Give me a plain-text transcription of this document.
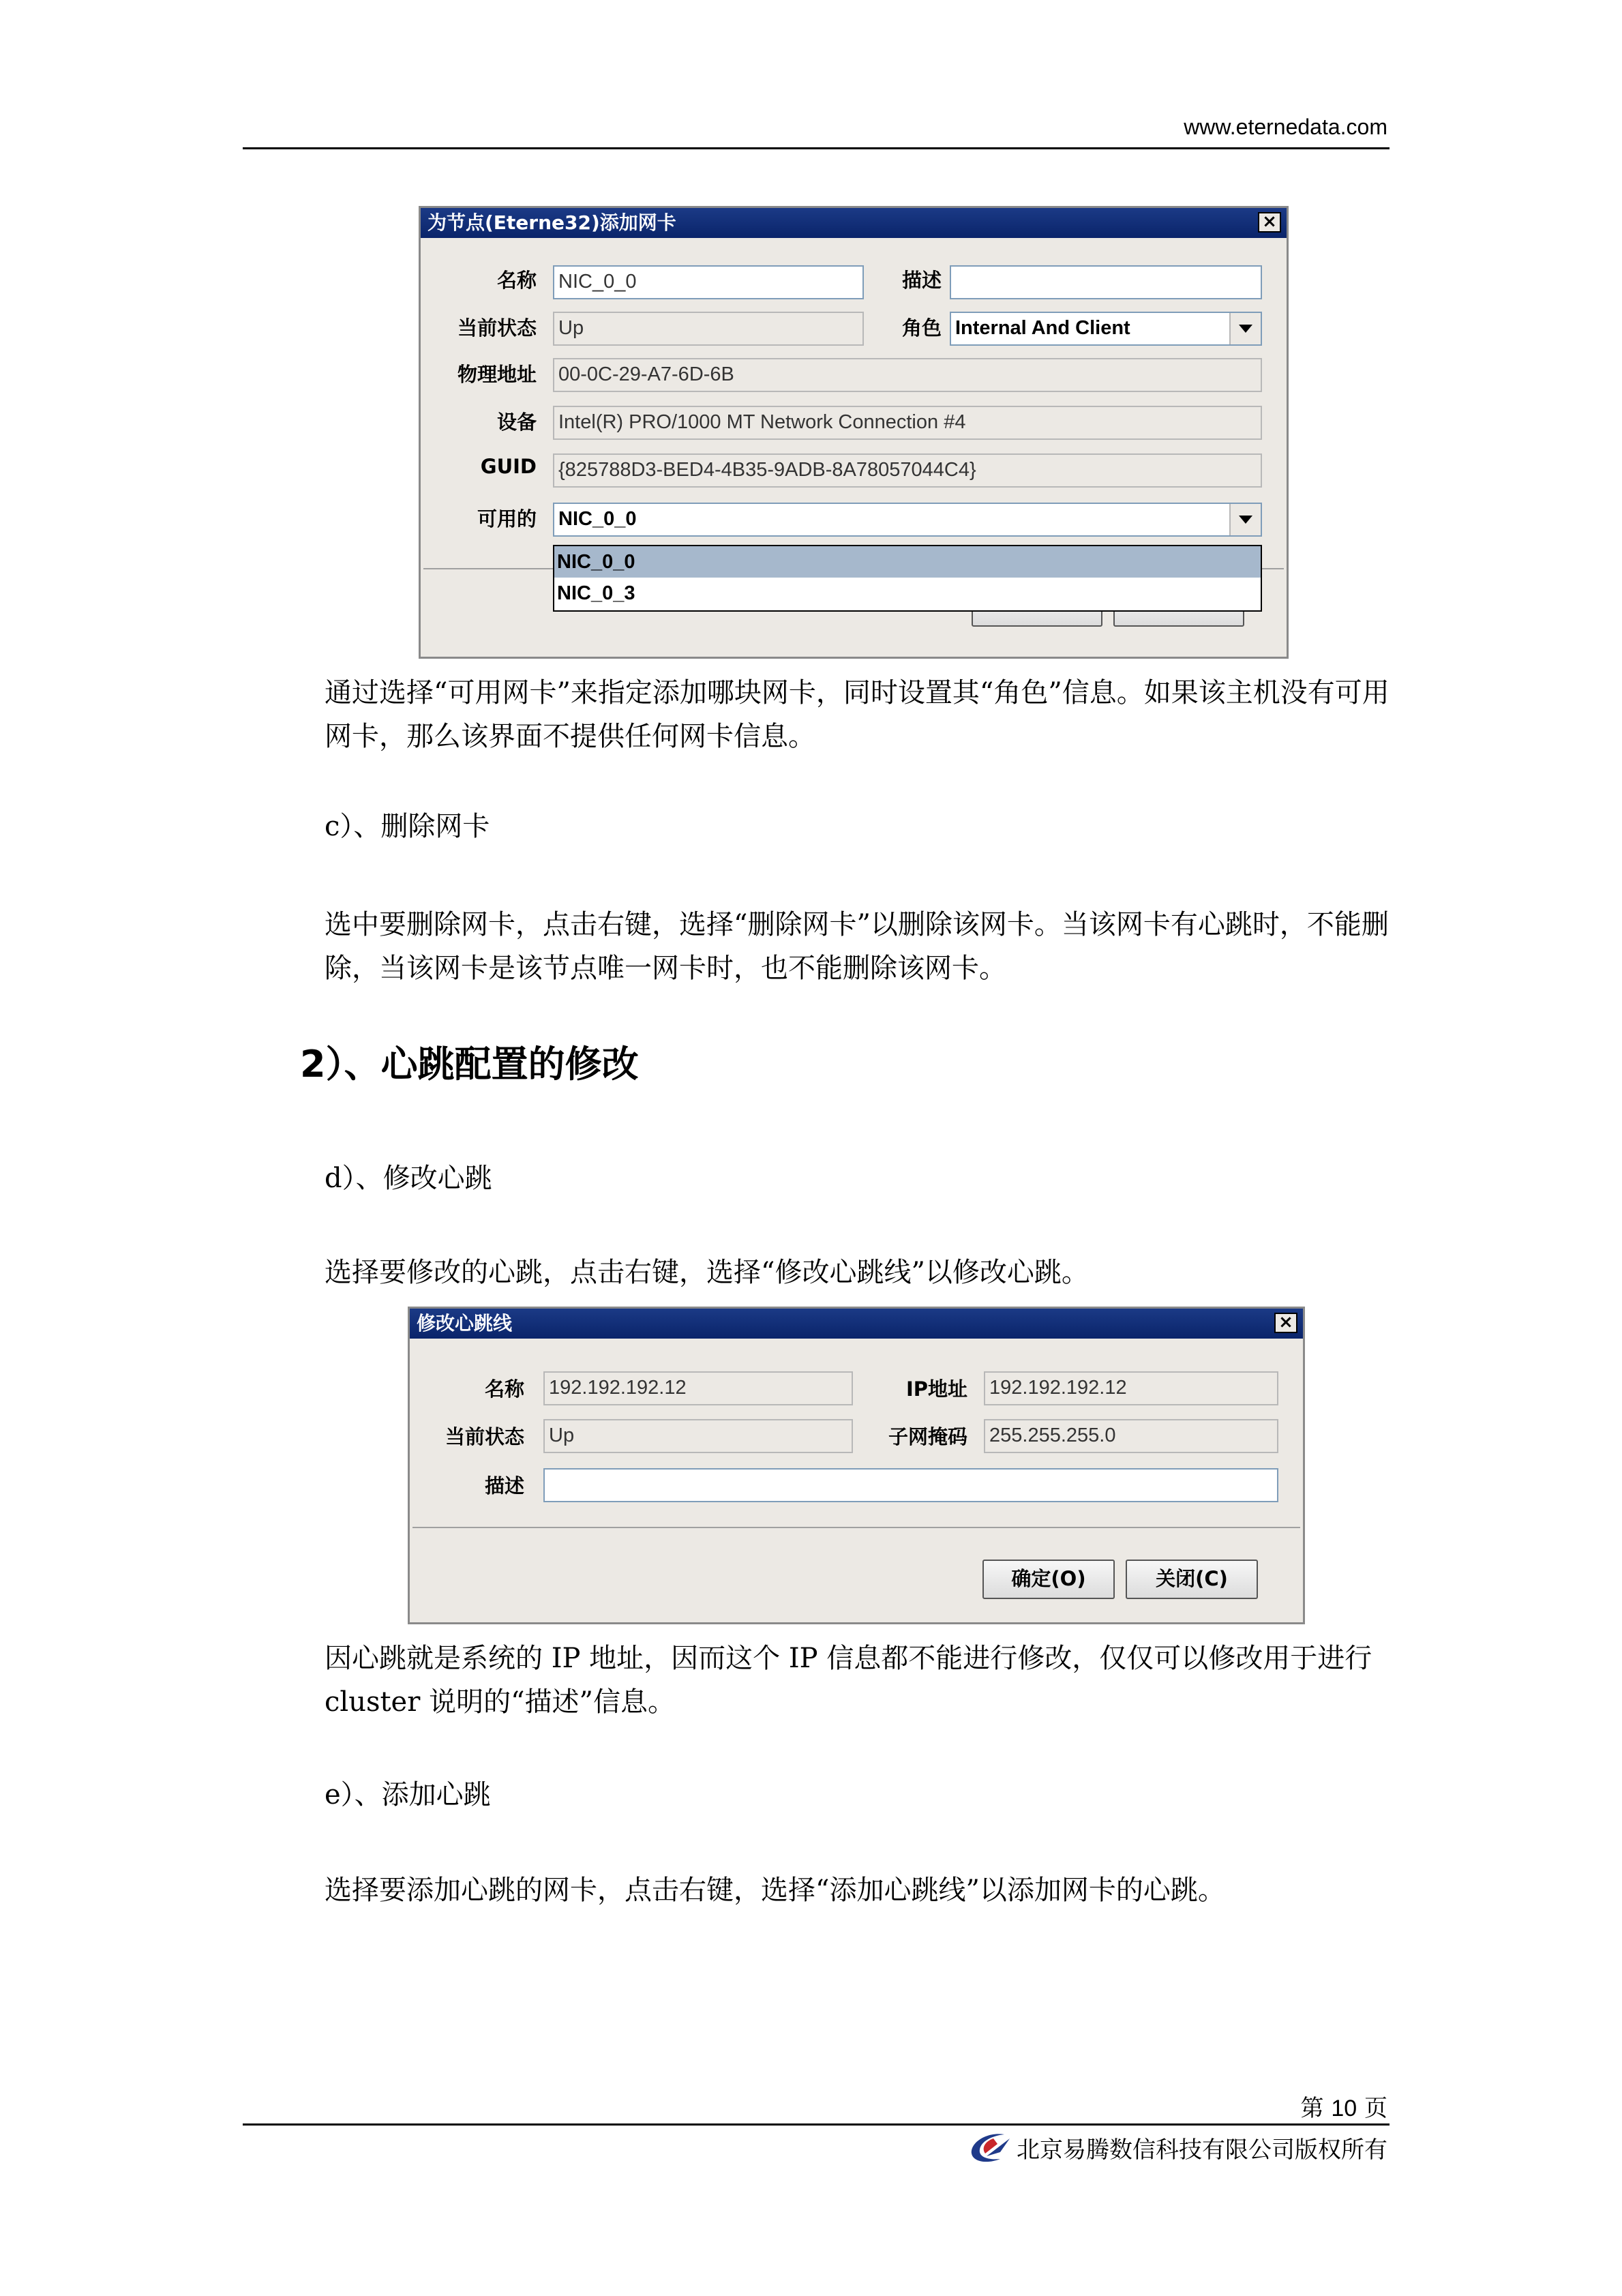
www.eternedata.com
为节点(Eterne32)添加网卡	×
名称 NIC_0_0	描述
当前状态 Up	角色 Internal And Client
物理地址 00-0C-29-A7-6D-6B
设备 Intel(R) PRO/1000 MT Network Connection #4
GUID {825788D3-BED4-4B35-9ADB-8A78057044C4}
可用的 NIC_0_0
NIC_0_0
NIC_0_3
通过选择“可用网卡”来指定添加哪块网卡，同时设置其“角色”信息。如果该主机没有可用网卡，那么该界面不提供任何网卡信息。
c）、删除网卡
选中要删除网卡，点击右键，选择“删除网卡”以删除该网卡。当该网卡有心跳时，不能删除，当该网卡是该节点唯一网卡时，也不能删除该网卡。
2）、心跳配置的修改
d）、修改心跳
选择要修改的心跳，点击右键，选择“修改心跳线”以修改心跳。
修改心跳线	×
名称 192.192.192.12	IP地址 192.192.192.12
当前状态 Up	子网掩码 255.255.255.0
描述
确定(O)	关闭(C)
因心跳就是系统的 IP 地址，因而这个 IP 信息都不能进行修改，仅仅可以修改用于进行 cluster 说明的“描述”信息。
e）、添加心跳
选择要添加心跳的网卡，点击右键，选择“添加心跳线”以添加网卡的心跳。
第 10 页
北京易腾数信科技有限公司版权所有
